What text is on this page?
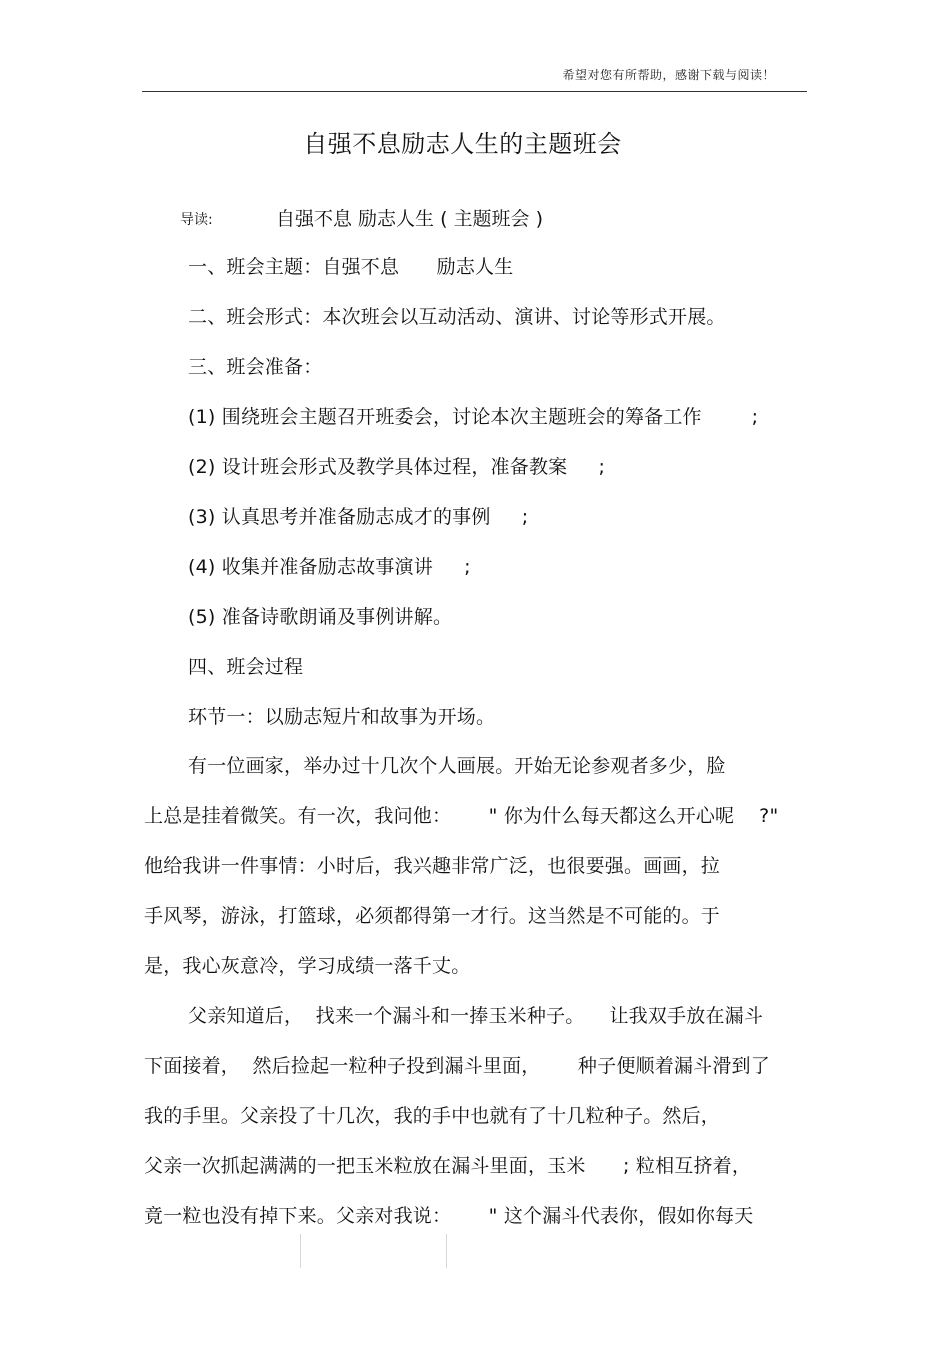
希望对您有所帮助，感谢下载与阅读！
自强不息励志人生的主题班会
导读:	自强不息 励志人生 ( 主题班会 )
一、班会主题：自强不息      励志人生
二、班会形式：本次班会以互动活动、演讲、讨论等形式开展。
三、班会准备：
(1) 围绕班会主题召开班委会，讨论本次主题班会的筹备工作        ;
(2) 设计班会形式及教学具体过程，准备教案     ;
(3) 认真思考并准备励志成才的事例     ;
(4) 收集并准备励志故事演讲     ;
(5) 准备诗歌朗诵及事例讲解。
四、班会过程
环节一：以励志短片和故事为开场。
有一位画家，举办过十几次个人画展。开始无论参观者多少，脸
上总是挂着微笑。有一次，我问他：      " 你为什么每天都这么开心呢    ?"
他给我讲一件事情：小时后，我兴趣非常广泛，也很要强。画画，拉
手风琴，游泳，打篮球，必须都得第一才行。这当然是不可能的。于
是，我心灰意冷，学习成绩一落千丈。
父亲知道后，  找来一个漏斗和一捧玉米种子。    让我双手放在漏斗
下面接着，  然后捡起一粒种子投到漏斗里面，      种子便顺着漏斗滑到了
我的手里。父亲投了十几次，我的手中也就有了十几粒种子。然后，
父亲一次抓起满满的一把玉米粒放在漏斗里面，玉米      ; 粒相互挤着，
竟一粒也没有掉下来。父亲对我说：      " 这个漏斗代表你，假如你每天
